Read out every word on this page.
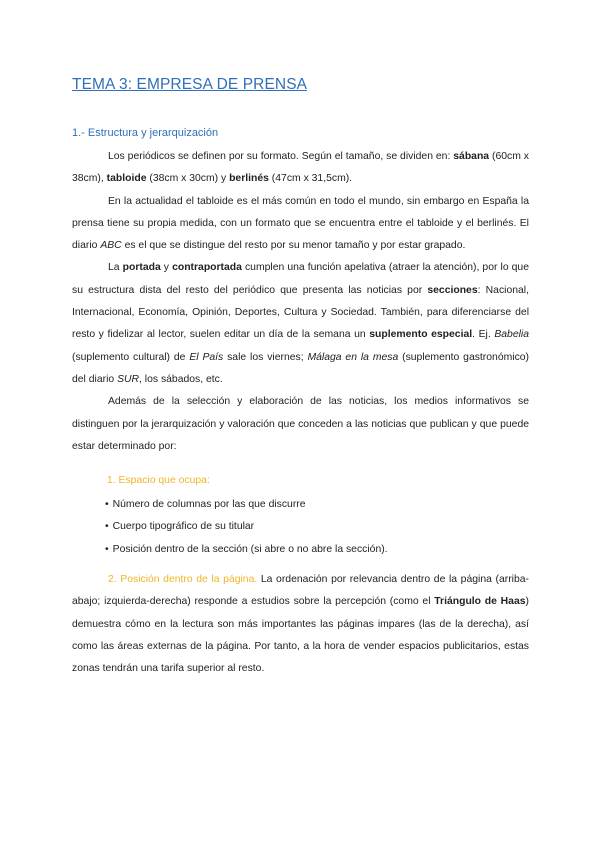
TEMA 3: EMPRESA DE PRENSA
1.- Estructura y jerarquización

Los periódicos se definen por su formato. Según el tamaño, se dividen en: sábana (60cm x 38cm), tabloide (38cm x 30cm) y berlinés (47cm x 31,5cm).

En la actualidad el tabloide es el más común en todo el mundo, sin embargo en España la prensa tiene su propia medida, con un formato que se encuentra entre el tabloide y el berlinés. El diario ABC es el que se distingue del resto por su menor tamaño y por estar grapado.

La portada y contraportada cumplen una función apelativa (atraer la atención), por lo que su estructura dista del resto del periódico que presenta las noticias por secciones: Nacional, Internacional, Economía, Opinión, Deportes, Cultura y Sociedad. También, para diferenciarse del resto y fidelizar al lector, suelen editar un día de la semana un suplemento especial. Ej. Babelia (suplemento cultural) de El País sale los viernes; Málaga en la mesa (suplemento gastronómico) del diario SUR, los sábados, etc.

Además de la selección y elaboración de las noticias, los medios informativos se distinguen por la jerarquización y valoración que conceden a las noticias que publican y que puede estar determinado por:

1. Espacio que ocupa:
• Número de columnas por las que discurre
• Cuerpo tipográfico de su titular
• Posición dentro de la sección (si abre o no abre la sección).

2. Posición dentro de la página. La ordenación por relevancia dentro de la página (arriba-abajo; izquierda-derecha) responde a estudios sobre la percepción (como el Triángulo de Haas) demuestra cómo en la lectura son más importantes las páginas impares (las de la derecha), así como las áreas externas de la página. Por tanto, a la hora de vender espacios publicitarios, estas zonas tendrán una tarifa superior al resto.
